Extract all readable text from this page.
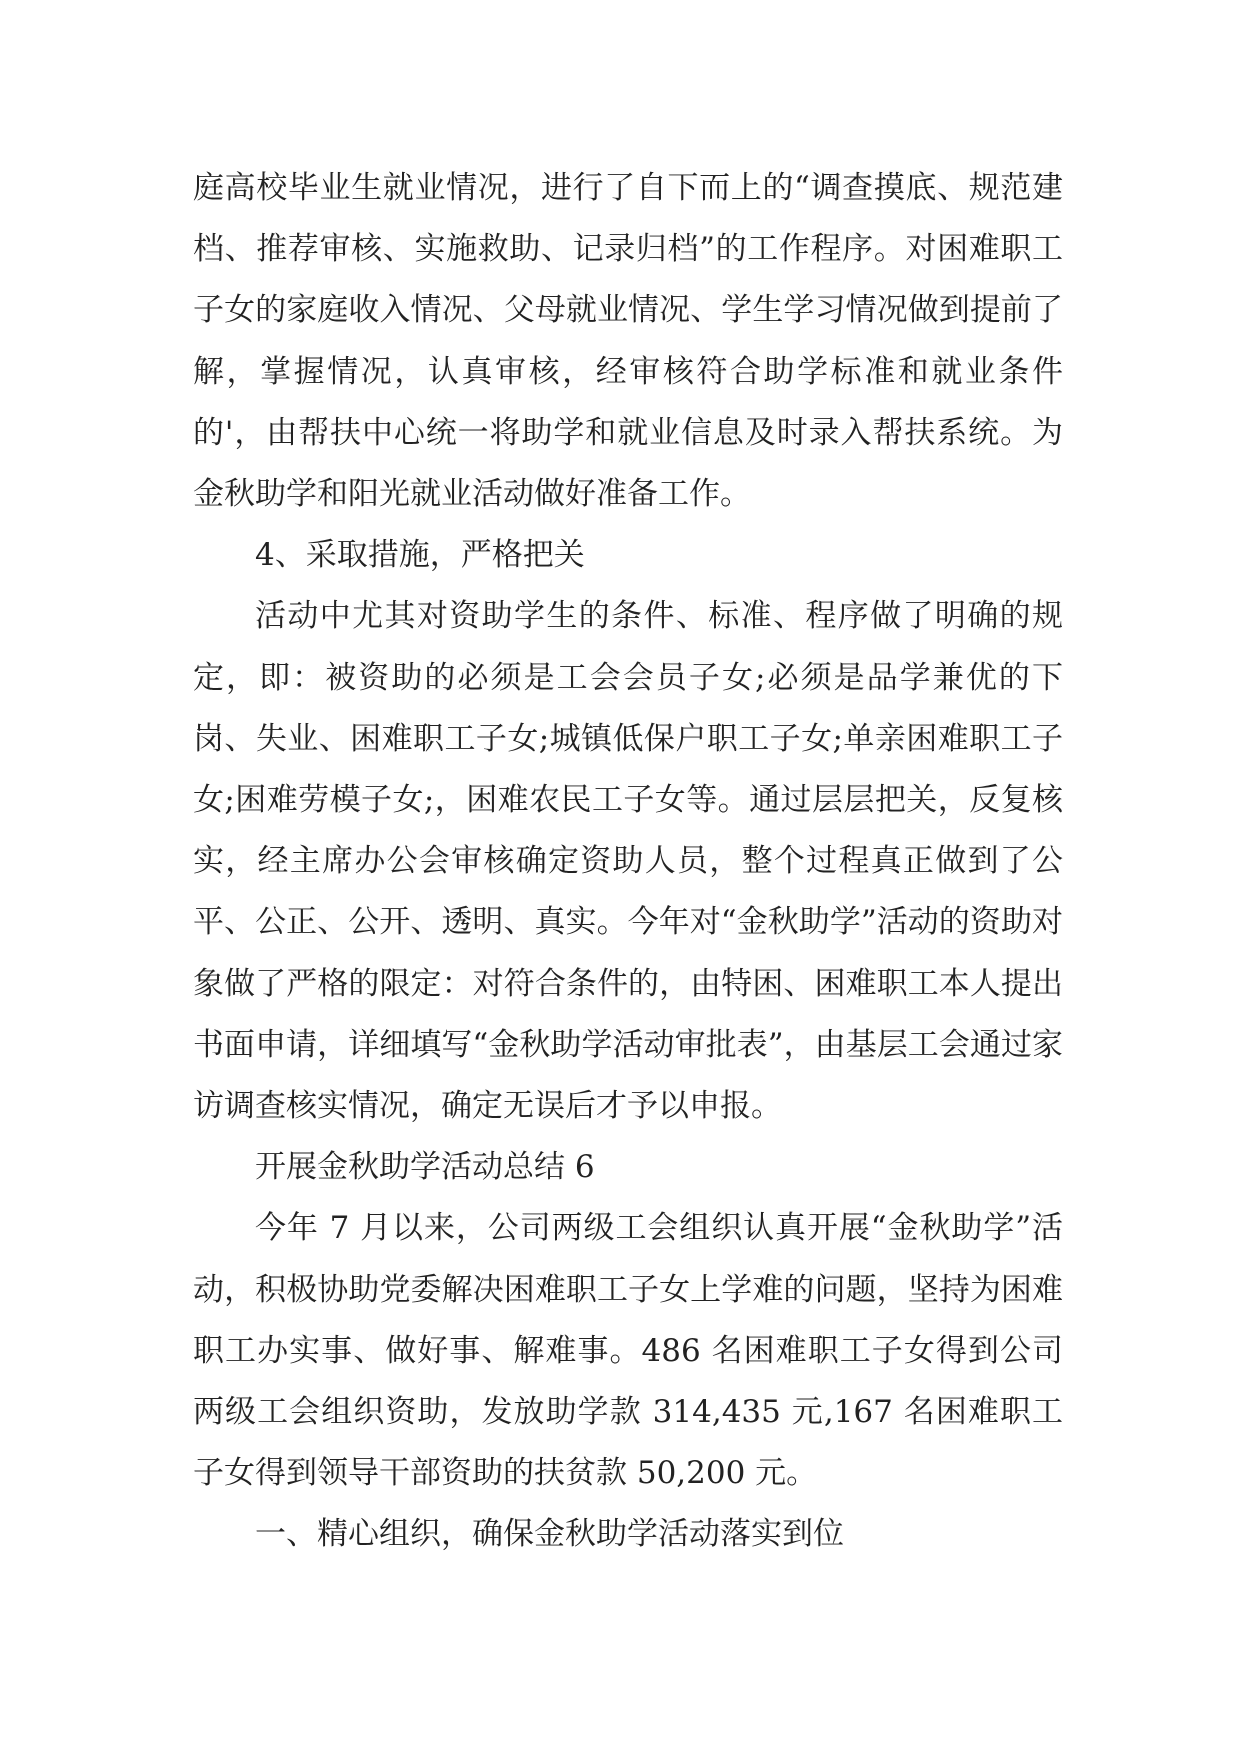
庭高校毕业生就业情况，进行了自下而上的“调查摸底、规范建档、推荐审核、实施救助、记录归档”的工作程序。对困难职工子女的家庭收入情况、父母就业情况、学生学习情况做到提前了解，掌握情况，认真审核，经审核符合助学标准和就业条件的'，由帮扶中心统一将助学和就业信息及时录入帮扶系统。为金秋助学和阳光就业活动做好准备工作。

4、采取措施，严格把关

活动中尤其对资助学生的条件、标准、程序做了明确的规定，即：被资助的必须是工会会员子女;必须是品学兼优的下岗、失业、困难职工子女;城镇低保户职工子女;单亲困难职工子女;困难劳模子女;，困难农民工子女等。通过层层把关，反复核实，经主席办公会审核确定资助人员，整个过程真正做到了公平、公正、公开、透明、真实。今年对“金秋助学”活动的资助对象做了严格的限定：对符合条件的，由特困、困难职工本人提出书面申请，详细填写“金秋助学活动审批表”，由基层工会通过家访调查核实情况，确定无误后才予以申报。

开展金秋助学活动总结 6

今年 7 月以来，公司两级工会组织认真开展“金秋助学”活动，积极协助党委解决困难职工子女上学难的问题，坚持为困难职工办实事、做好事、解难事。486 名困难职工子女得到公司两级工会组织资助，发放助学款 314,435 元,167 名困难职工子女得到领导干部资助的扶贫款 50,200 元。

一、精心组织，确保金秋助学活动落实到位
